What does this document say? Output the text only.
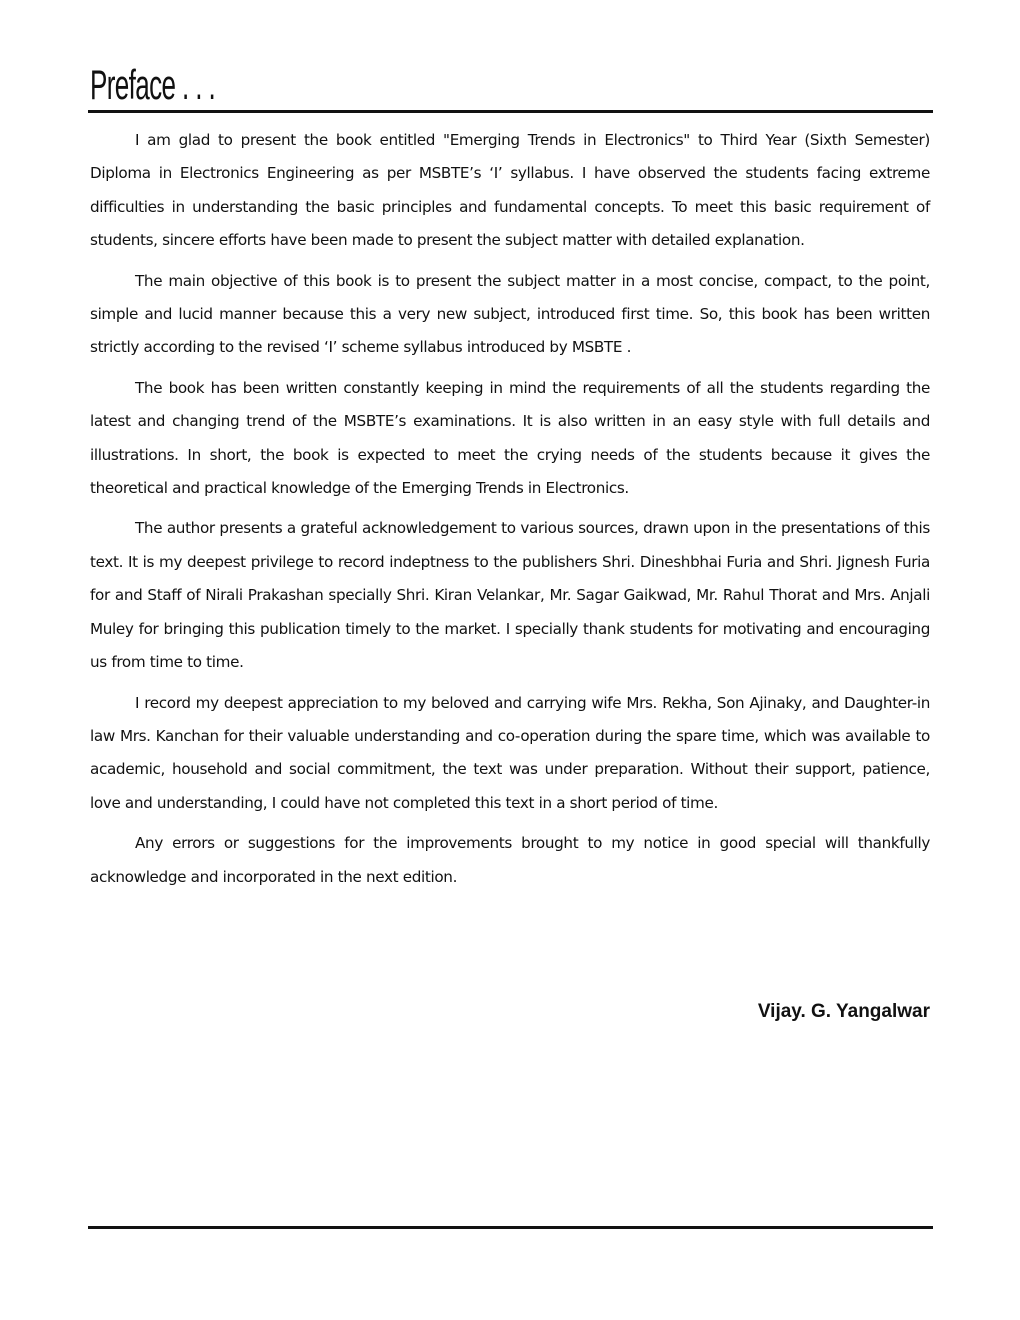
Preface . . .

I am glad to present the book entitled "Emerging Trends in Electronics" to Third Year (Sixth Semester) Diploma in Electronics Engineering as per MSBTE’s ‘I’ syllabus. I have observed the students facing extreme difficulties in understanding the basic principles and fundamental concepts. To meet this basic requirement of students, sincere efforts have been made to present the subject matter with detailed explanation.

The main objective of this book is to present the subject matter in a most concise, compact, to the point, simple and lucid manner because this a very new subject, introduced first time. So, this book has been written strictly according to the revised ‘I’ scheme syllabus introduced by MSBTE .

The book has been written constantly keeping in mind the requirements of all the students regarding the latest and changing trend of the MSBTE’s examinations. It is also written in an easy style with full details and illustrations. In short, the book is expected to meet the crying needs of the students because it gives the theoretical and practical knowledge of the Emerging Trends in Electronics.

The author presents a grateful acknowledgement to various sources, drawn upon in the presentations of this text. It is my deepest privilege to record indeptness to the publishers Shri. Dineshbhai Furia and Shri. Jignesh Furia for and Staff of Nirali Prakashan specially Shri. Kiran Velankar, Mr. Sagar Gaikwad, Mr. Rahul Thorat and Mrs. Anjali Muley for bringing this publication timely to the market. I specially thank students for motivating and encouraging us from time to time.

I record my deepest appreciation to my beloved and carrying wife Mrs. Rekha, Son Ajinaky, and Daughter-in law Mrs. Kanchan for their valuable understanding and co-operation during the spare time, which was available to academic, household and social commitment, the text was under preparation. Without their support, patience, love and understanding, I could have not completed this text in a short period of time.

Any errors or suggestions for the improvements brought to my notice in good special will thankfully acknowledge and incorporated in the next edition.

Vijay. G. Yangalwar
